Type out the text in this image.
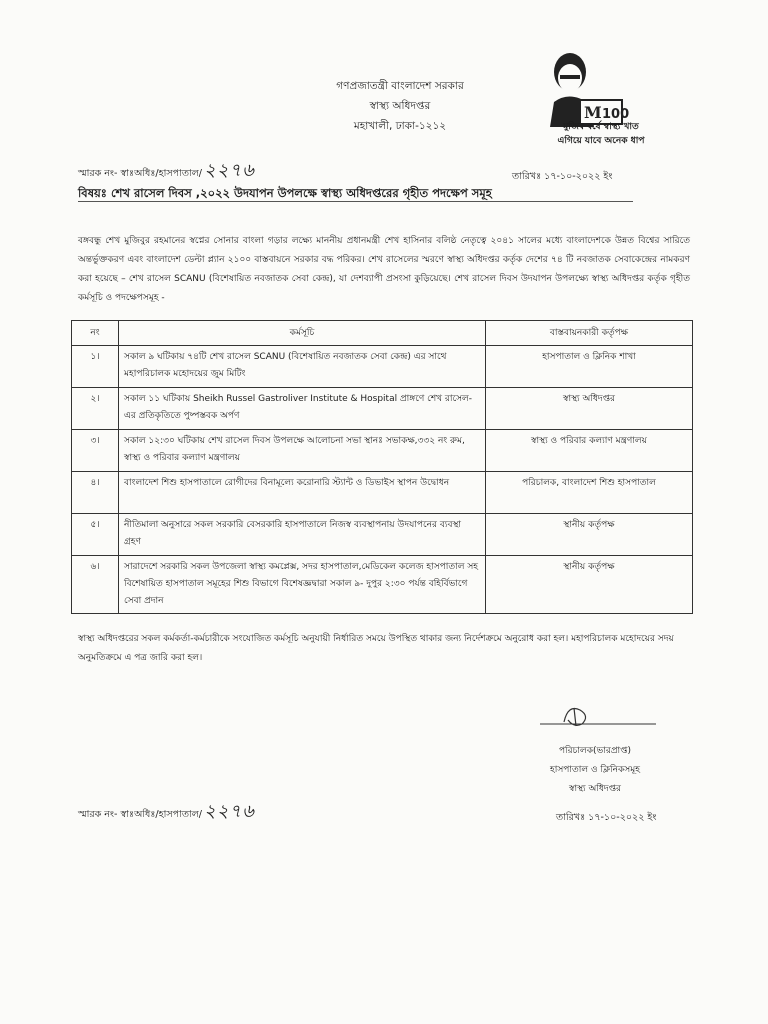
গণপ্রজাতন্ত্রী বাংলাদেশ সরকার
স্বাস্থ্য অধিদপ্তর
মহাখালী, ঢাকা-১২১২
M 100
মুজিব বর্ষে স্বাস্থ্য খাত
এগিয়ে যাবে অনেক ধাপ
স্মারক নং- স্বাঃঅধিঃ/হাসপাতাল/ ২২৭৬	তারিখঃ ১৭-১০-২০২২ ইং
বিষয়ঃ শেখ রাসেল দিবস ,২০২২ উদযাপন উপলক্ষে স্বাস্থ্য অধিদপ্তরের গৃহীত পদক্ষেপ সমূহ
বঙ্গবন্ধু শেখ মুজিবুর রহমানের স্বপ্নের সোনার বাংলা গড়ার লক্ষ্যে মাননীয় প্রধানমন্ত্রী শেখ হাসিনার বলিষ্ঠ নেতৃত্বে ২০৪১ সালের মধ্যে বাংলাদেশকে উন্নত বিশ্বের সারিতে অন্তর্ভুক্তকরণ এবং বাংলাদেশ ডেল্টা প্ল্যান ২১০০ বাস্তবায়নে সরকার বদ্ধ পরিকর। শেখ রাসেলের স্মরণে স্বাস্থ্য অধিদপ্তর কর্তৃক দেশের ৭৪ টি নবজাতক সেবাকেন্দ্রের নামকরণ করা হয়েছে – শেখ রাসেল SCANU (বিশেষায়িত নবজাতক সেবা কেন্দ্র), যা দেশব্যাপী প্রসংসা কুড়িয়েছে। শেখ রাসেল দিবস উদযাপন উপলক্ষ্যে স্বাস্থ্য অধিদপ্তর কর্তৃক গৃহীত কর্মসূচি ও পদক্ষেপসমূহ -
নং	কর্মসূচি	বাস্তবায়নকারী কর্তৃপক্ষ
১।	সকাল ৯ ঘটিকায় ৭৪টি শেখ রাসেল SCANU (বিশেষায়িত নবজাতক সেবা কেন্দ্র) এর সাথে মহাপরিচালক মহোদয়ের জুম মিটিং	হাসপাতাল ও ক্লিনিক শাখা
২।	সকাল ১১ ঘটিকায় Sheikh Russel Gastroliver Institute & Hospital প্রাঙ্গণে শেখ রাসেল-এর প্রতিকৃতিতে পুষ্পস্তবক অর্পণ	স্বাস্থ্য অধিদপ্তর
৩।	সকাল ১২:৩০ ঘটিকায় শেখ রাসেল দিবস উপলক্ষে আলোচনা সভা স্থানঃ সভাকক্ষ,৩৩২ নং রুম, স্বাস্থ্য ও পরিবার কল্যাণ মন্ত্রণালয়	স্বাস্থ্য ও পরিবার কল্যাণ মন্ত্রণালয়
৪।	বাংলাদেশ শিশু হাসপাতালে রোগীদের বিনামূল্যে করোনারি স্ট্যান্ট ও ডিভাইস স্থাপন উদ্বোধন	পরিচালক, বাংলাদেশ শিশু হাসপাতাল
৫।	নীতিমালা অনুসারে সকল সরকারি বেসরকারি হাসপাতালে নিজস্ব ব্যবস্থাপনায় উদযাপনের ব্যবস্থা গ্রহণ	স্থানীয় কর্তৃপক্ষ
৬।	সারাদেশে সরকারি সকল উপজেলা স্বাস্থ্য কমপ্লেক্স, সদর হাসপাতাল,মেডিকেল কলেজ হাসপাতাল সহ বিশেষায়িত হাসপাতাল সমূহের শিশু বিভাগে বিশেষজ্ঞদ্বারা সকাল ৯- দুপুর ২:৩০ পর্যন্ত বহির্বিভাগে সেবা প্রদান	স্থানীয় কর্তৃপক্ষ
স্বাস্থ্য অধিদপ্তরের সকল কর্মকর্তা-কর্মচারীকে সংযোজিত কর্মসূচি অনুযায়ী নির্ধারিত সময়ে উপস্থিত থাকার জন্য নির্দেশক্রমে অনুরোধ করা হল। মহাপরিচালক মহোদয়ের সদয় অনুমতিক্রমে এ পত্র জারি করা হল।
পরিচালক(ভারপ্রাপ্ত)
হাসপাতাল ও ক্লিনিকসমূহ
স্বাস্থ্য অধিদপ্তর
স্মারক নং- স্বাঃঅধিঃ/হাসপাতাল/ ২২৭৬	তারিখঃ ১৭-১০-২০২২ ইং
